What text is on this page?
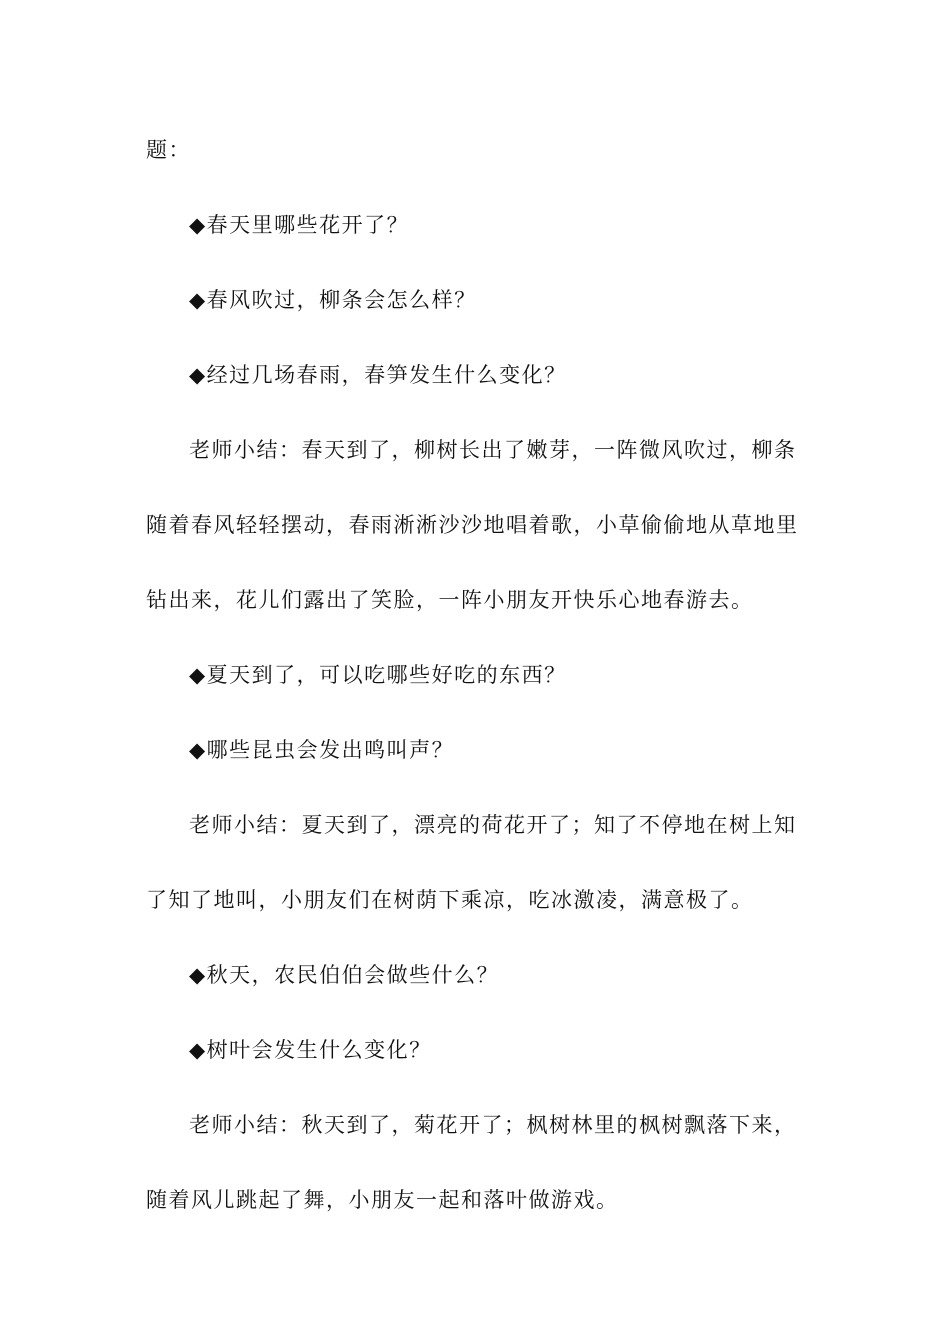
题：
◆春天里哪些花开了？
◆春风吹过，柳条会怎么样？
◆经过几场春雨，春笋发生什么变化？
老师小结：春天到了，柳树长出了嫩芽，一阵微风吹过，柳条
随着春风轻轻摆动，春雨淅淅沙沙地唱着歌，小草偷偷地从草地里
钻出来，花儿们露出了笑脸，一阵小朋友开快乐心地春游去。
◆夏天到了，可以吃哪些好吃的东西？
◆哪些昆虫会发出鸣叫声？
老师小结：夏天到了，漂亮的荷花开了；知了不停地在树上知
了知了地叫，小朋友们在树荫下乘凉，吃冰激凌，满意极了。
◆秋天，农民伯伯会做些什么？
◆树叶会发生什么变化？
老师小结：秋天到了，菊花开了；枫树林里的枫树飘落下来，
随着风儿跳起了舞，小朋友一起和落叶做游戏。
